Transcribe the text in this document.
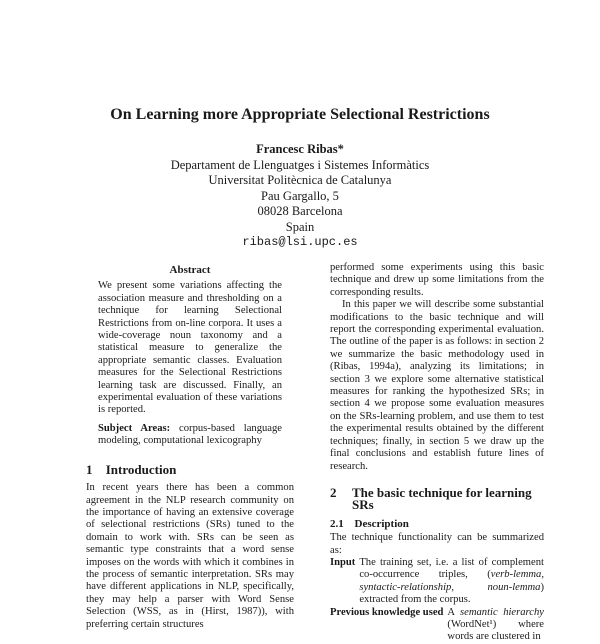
On Learning more Appropriate Selectional Restrictions
Francesc Ribas*
Departament de Llenguatges i Sistemes Informàtics
Universitat Politècnica de Catalunya
Pau Gargallo, 5
08028 Barcelona
Spain
ribas@lsi.upc.es
Abstract
We present some variations affecting the association measure and thresholding on a technique for learning Selectional Restrictions from on-line corpora. It uses a wide-coverage noun taxonomy and a statistical measure to generalize the appropriate semantic classes. Evaluation measures for the Selectional Restrictions learning task are discussed. Finally, an experimental evaluation of these variations is reported.
Subject Areas: corpus-based language modeling, computational lexicography
1 Introduction

In recent years there has been a common agreement in the NLP research community on the importance of having an extensive coverage of selectional restrictions (SRs) tuned to the domain to work with. SRs can be seen as semantic type constraints that a word sense imposes on the words with which it combines in the process of semantic interpretation. SRs may have different applications in NLP, specifically, they may help a parser with Word Sense Selection (WSS, as in (Hirst, 1987)), with preferring certain structures

performed some experiments using this basic technique and drew up some limitations from the corresponding results.

In this paper we will describe some substantial modifications to the basic technique and will report the corresponding experimental evaluation. The outline of the paper is as follows: in section 2 we summarize the basic methodology used in (Ribas, 1994a), analyzing its limitations; in section 3 we explore some alternative statistical measures for ranking the hypothesized SRs; in section 4 we propose some evaluation measures on the SRs-learning problem, and use them to test the experimental results obtained by the different techniques; finally, in section 5 we draw up the final conclusions and establish future lines of research.

2	The basic technique for learning SRs
2.1 Description

The technique functionality can be summarized as:

Input The training set, i.e. a list of complement co-occurrence triples, (verb-lemma, syntactic-relationship, noun-lemma) extracted from the corpus.

Previous knowledge used A semantic hierarchy (WordNet¹) where words are clustered in
